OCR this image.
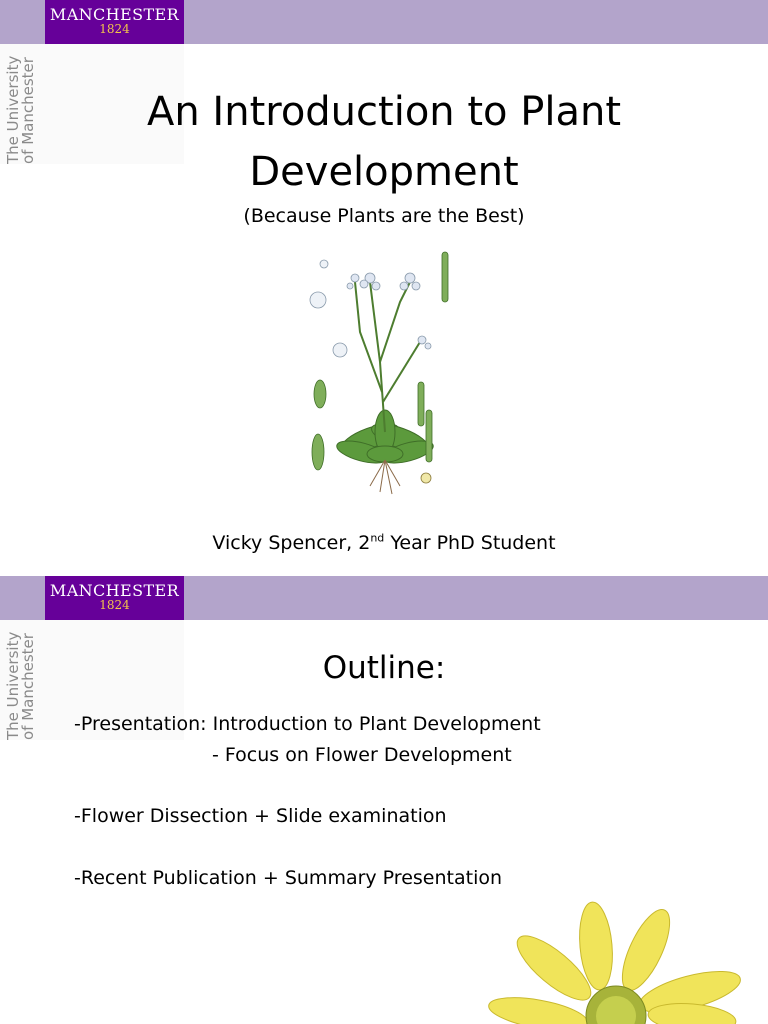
MANCHESTER
1824
The University
of Manchester	An Introduction to Plant Development

(Because Plants are the Best)

Vicky Spencer, 2nd Year PhD Student

MANCHESTER
1824
The University
of Manchester	Outline:

-Presentation: Introduction to Plant Development

- Focus on Flower Development

-Flower Dissection + Slide examination

-Recent Publication + Summary Presentation
